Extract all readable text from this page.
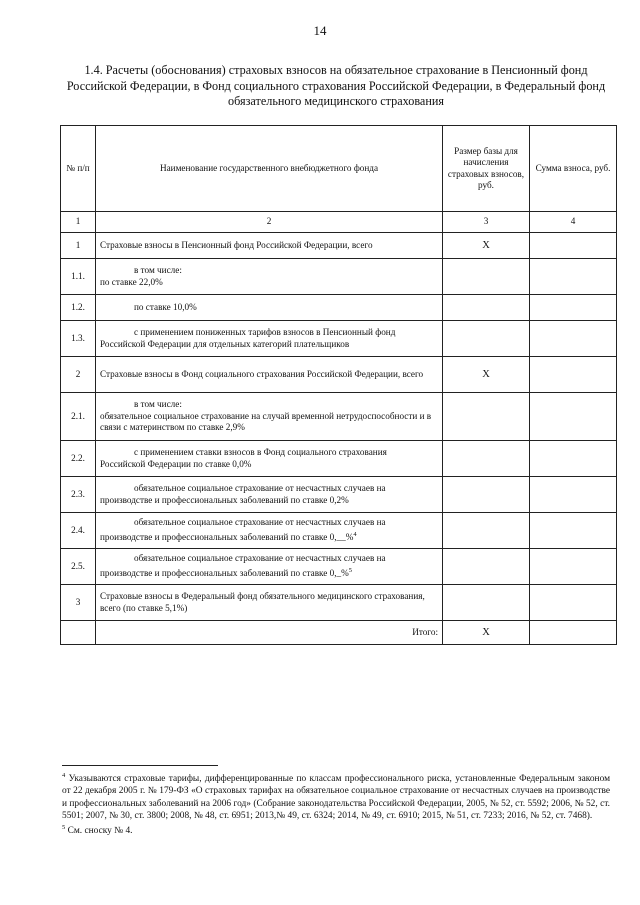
14
1.4. Расчеты (обоснования) страховых взносов на обязательное страхование в Пенсионный фонд Российской Федерации, в Фонд социального страхования Российской Федерации, в Федеральный фонд обязательного медицинского страхования
№ п/п	Наименование государственного внебюджетного фонда	Размер базы для начисления страховых взносов, руб.	Сумма взноса, руб.
1	2	3	4
1	Страховые взносы в Пенсионный фонд Российской Федерации, всего	X	
1.1.	в том числе:
по ставке 22,0%		
1.2.	по ставке 10,0%		

1.3.	с применением пониженных тарифов взносов в Пенсионный фонд
Российской Федерации для отдельных категорий плательщиков		
2	Страховые взносы в Фонд социального страхования Российской Федерации, всего	X	
2.1.	в том числе:
обязательное социальное страхование на случай временной нетрудоспособности и в связи с материнством по ставке 2,9%		
2.2.	с применением ставки взносов в Фонд социального страхования
Российской Федерации по ставке 0,0%		
2.3.	обязательное социальное страхование от несчастных случаев на
производстве и профессиональных заболеваний по ставке 0,2%		
2.4.	обязательное социальное страхование от несчастных случаев на
производстве и профессиональных заболеваний по ставке 0,__%$^4$		
2.5.	обязательное социальное страхование от несчастных случаев на
производстве и профессиональных заболеваний по ставке 0,_%$^5$		
3	Страховые взносы в Федеральный фонд обязательного медицинского страхования, всего (по ставке 5,1%)		
	Итого:	X	

$^4$ Указываются страховые тарифы, дифференцированные по классам профессионального риска, установленные Федеральным законом от 22 декабря 2005 г. № 179-ФЗ «О страховых тарифах на обязательное социальное страхование от несчастных случаев на производстве и профессиональных заболеваний на 2006 год» (Собрание законодательства Российской Федерации, 2005, № 52, ст. 5592; 2006, № 52, ст. 5501; 2007, № 30, ст. 3800; 2008, № 48, ст. 6951; 2013,№ 49, ст. 6324; 2014, № 49, ст. 6910; 2015, № 51, ст. 7233; 2016, № 52, ст. 7468).

$^5$ См. сноску № 4.
